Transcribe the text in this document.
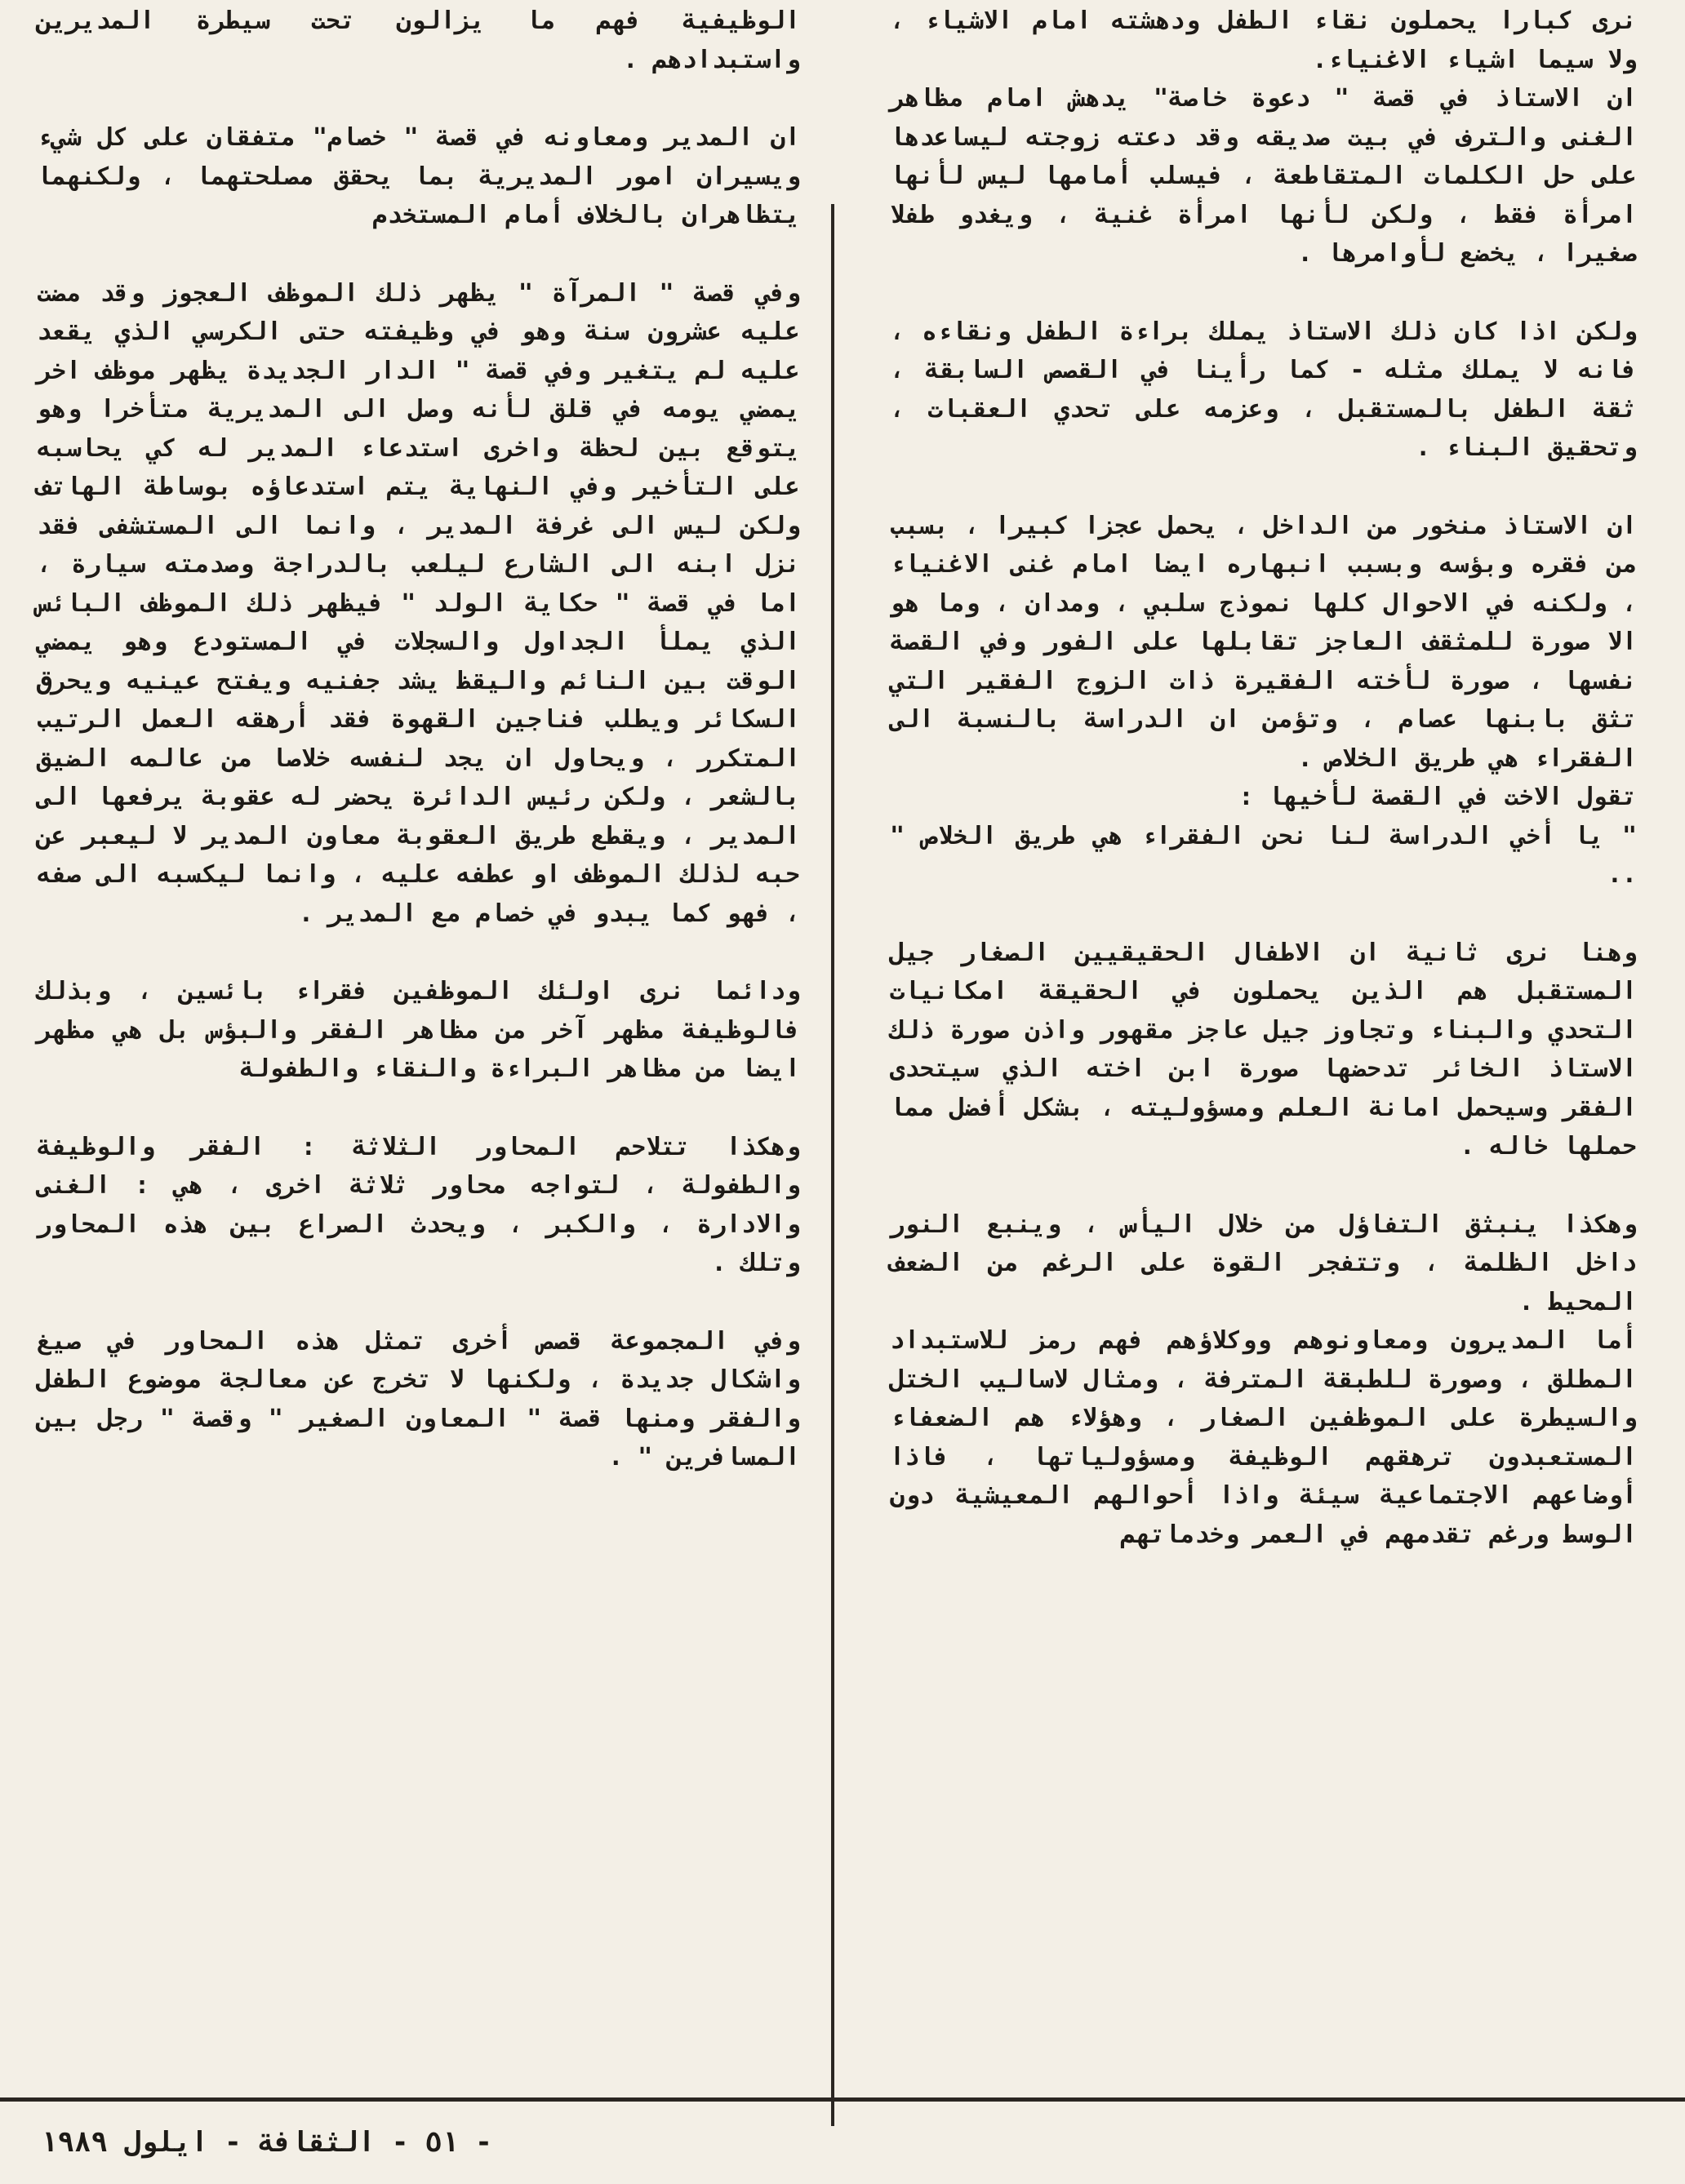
نرى كبارا يحملون نقاء الطفل ودهشته امام الاشياء ، ولا سيما اشياء الاغنياء.
ان الاستاذ في قصة " دعوة خاصة" يدهش امام مظاهر الغنى والترف في بيت صديقه وقد دعته زوجته ليساعدها على حل الكلمات المتقاطعة ، فيسلب أمامها ليس لأنها امرأة فقط ، ولكن لأنها امرأة غنية ، ويغدو طفلا صغيرا ، يخضع لأوامرها .

ولكن اذا كان ذلك الاستاذ يملك براءة الطفل ونقاءه ، فانه لا يملك مثله - كما رأينا في القصص السابقة ، ثقة الطفل بالمستقبل ، وعزمه على تحدي العقبات ، وتحقيق البناء .

ان الاستاذ منخور من الداخل ، يحمل عجزا كبيرا ، بسبب من فقره وبؤسه وبسبب انبهاره ايضا امام غنى الاغنياء ، ولكنه في الاحوال كلها نموذج سلبي ، ومدان ، وما هو الا صورة للمثقف العاجز تقابلها على الفور وفي القصة نفسها ، صورة لأخته الفقيرة ذات الزوج الفقير التي تثق بابنها عصام ، وتؤمن ان الدراسة بالنسبة الى الفقراء هي طريق الخلاص .
تقول الاخت في القصة لأخيها :
" يا أخي الدراسة لنا نحن الفقراء هي طريق الخلاص " ..

وهنا نرى ثانية ان الاطفال الحقيقيين الصغار جيل المستقبل هم الذين يحملون في الحقيقة امكانيات التحدي والبناء وتجاوز جيل عاجز مقهور واذن صورة ذلك الاستاذ الخائر تدحضها صورة ابن اخته الذي سيتحدى الفقر وسيحمل امانة العلم ومسؤوليته ، بشكل أفضل مما حملها خاله .

وهكذا ينبثق التفاؤل من خلال اليأس ، وينبع النور داخل الظلمة ، وتتفجر القوة على الرغم من الضعف المحيط .
أما المديرون ومعاونوهم ووكلاؤهم فهم رمز للاستبداد المطلق ، وصورة للطبقة المترفة ، ومثال لاساليب الختل والسيطرة على الموظفين الصغار ، وهؤلاء هم الضعفاء المستعبدون ترهقهم الوظيفة ومسؤولياتها ، فاذا أوضاعهم الاجتماعية سيئة واذا أحوالهم المعيشية دون الوسط ورغم تقدمهم في العمر وخدماتهم

الوظيفية فهم ما يزالون تحت سيطرة المديرين واستبدادهم .

ان المدير ومعاونه في قصة " خصام" متفقان على كل شيء ويسيران امور المديرية بما يحقق مصلحتهما ، ولكنهما يتظاهران بالخلاف أمام المستخدم

وفي قصة " المرآة " يظهر ذلك الموظف العجوز وقد مضت عليه عشرون سنة وهو في وظيفته حتى الكرسي الذي يقعد عليه لم يتغير وفي قصة " الدار الجديدة يظهر موظف اخر يمضي يومه في قلق لأنه وصل الى المديرية متأخرا وهو يتوقع بين لحظة واخرى استدعاء المدير له كي يحاسبه على التأخير وفي النهاية يتم استدعاؤه بوساطة الهاتف ولكن ليس الى غرفة المدير ، وانما الى المستشفى فقد نزل ابنه الى الشارع ليلعب بالدراجة وصدمته سيارة ، اما في قصة " حكاية الولد " فيظهر ذلك الموظف البائس الذي يملأ الجداول والسجلات في المستودع وهو يمضي الوقت بين النائم واليقظ يشد جفنيه ويفتح عينيه ويحرق السكائر ويطلب فناجين القهوة فقد أرهقه العمل الرتيب المتكرر ، ويحاول ان يجد لنفسه خلاصا من عالمه الضيق بالشعر ، ولكن رئيس الدائرة يحضر له عقوبة يرفعها الى المدير ، ويقطع طريق العقوبة معاون المدير لا ليعبر عن حبه لذلك الموظف او عطفه عليه ، وانما ليكسبه الى صفه ، فهو كما يبدو في خصام مع المدير .

ودائما نرى اولئك الموظفين فقراء بائسين ، وبذلك فالوظيفة مظهر آخر من مظاهر الفقر والبؤس بل هي مظهر ايضا من مظاهر البراءة والنقاء والطفولة

وهكذا تتلاحم المحاور الثلاثة : الفقر والوظيفة والطفولة ، لتواجه محاور ثلاثة اخرى ، هي : الغنى والادارة ، والكبر ، ويحدث الصراع بين هذه المحاور وتلك .

وفي المجموعة قصص أخرى تمثل هذه المحاور في صيغ واشكال جديدة ، ولكنها لا تخرج عن معالجة موضوع الطفل والفقر ومنها قصة " المعاون الصغير " وقصة " رجل بين المسافرين " .

- ٥١ - الثقافة - ايلول ١٩٨٩
